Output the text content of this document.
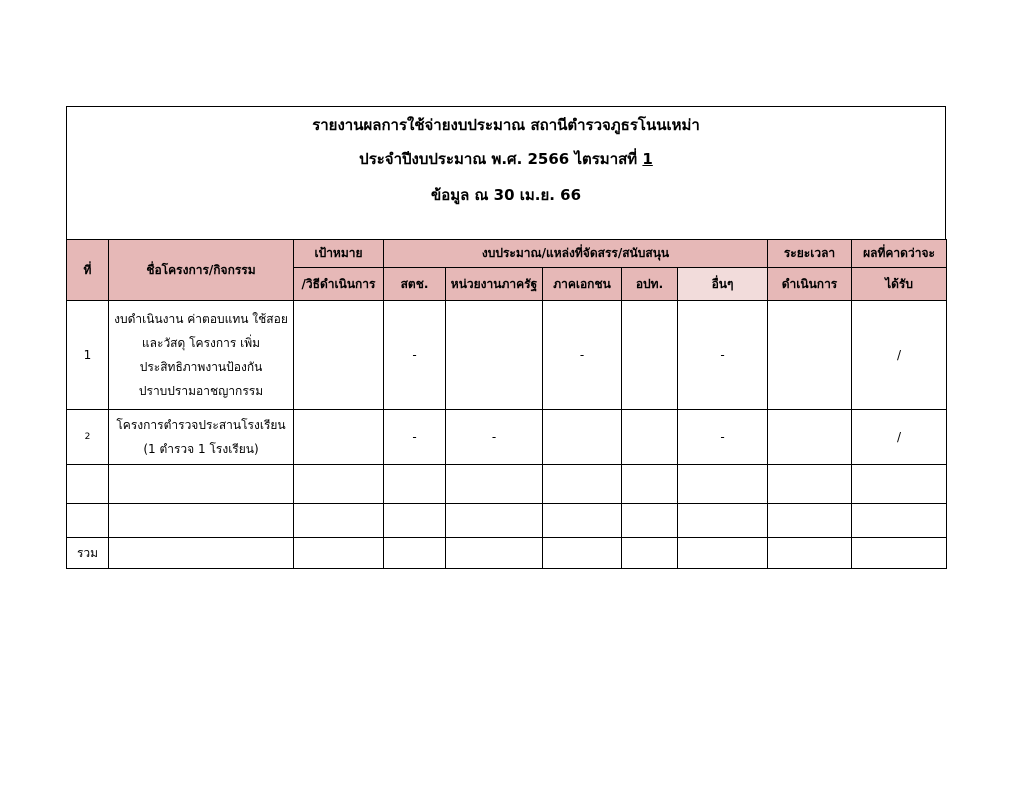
รายงานผลการใช้จ่ายงบประมาณ สถานีตำรวจภูธรโนนเหม่า
ประจำปีงบประมาณ พ.ศ. 2566 ไตรมาสที่ 1
ข้อมูล ณ 30 เม.ย. 66
ที่	ชื่อโครงการ/กิจกรรม	เป้าหมาย	งบประมาณ/แหล่งที่จัดสรร/สนับสนุน					ระยะเวลา	ผลที่คาดว่าจะ
		/วิธีดำเนินการ	สตช.	หน่วยงานภาครัฐ	ภาคเอกชน	อปท.	อื่นๆ	ดำเนินการ	ได้รับ
1	งบดำเนินงาน ค่าตอบแทน ใช้สอย
และวัสดุ โครงการ เพิ่ม
ประสิทธิภาพงานป้องกัน
ปราบปรามอาชญากรรม		-		-		-		/
2	โครงการตำรวจประสานโรงเรียน
(1 ตำรวจ 1 โรงเรียน)		-	-			-		/

รวม									
